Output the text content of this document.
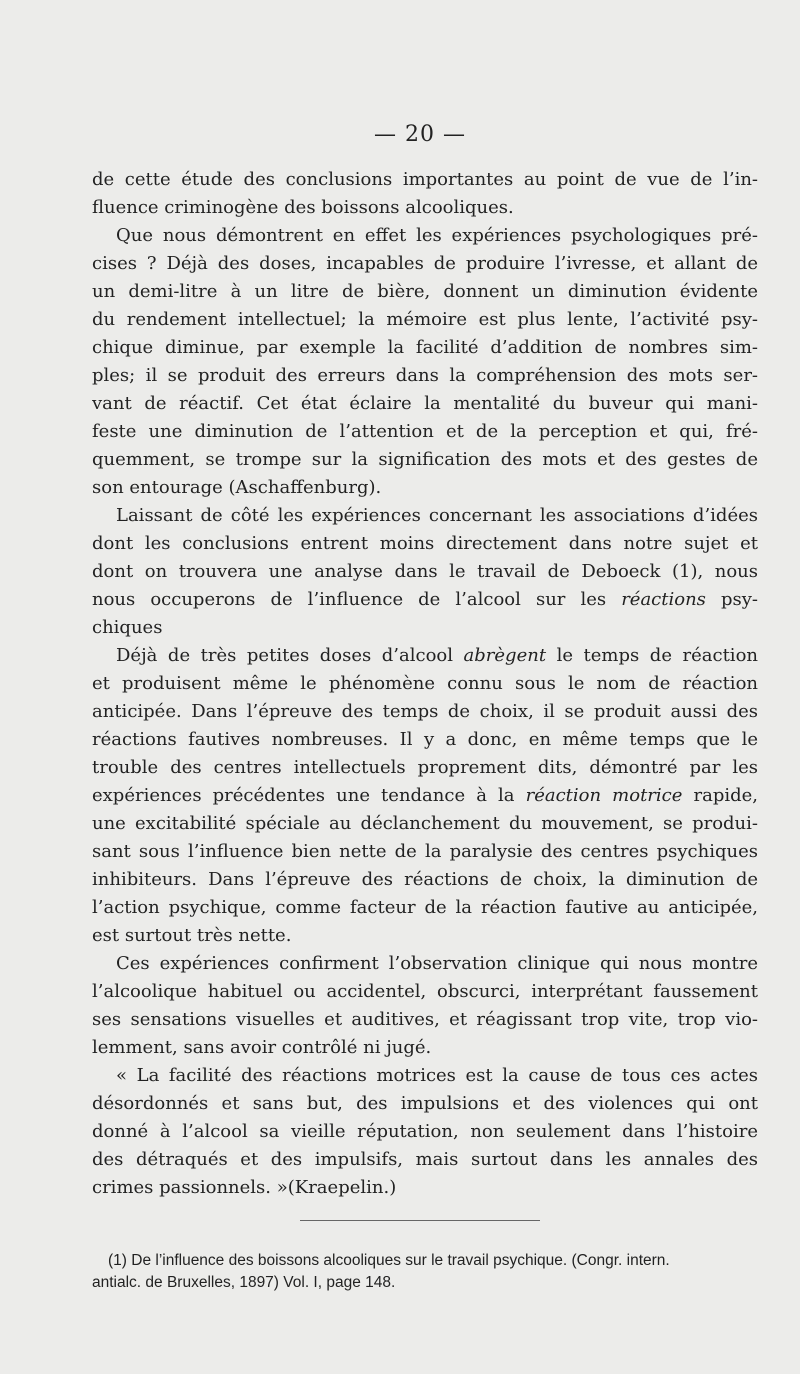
— 20 —
de cette étude des conclusions importantes au point de vue de l’in-
fluence criminogène des boissons alcooliques.
Que nous démontrent en effet les expériences psychologiques pré-
cises ? Déjà des doses, incapables de produire l’ivresse, et allant de
un demi-litre à un litre de bière, donnent un diminution évidente
du rendement intellectuel; la mémoire est plus lente, l’activité psy-
chique diminue, par exemple la facilité d’addition de nombres sim-
ples; il se produit des erreurs dans la compréhension des mots ser-
vant de réactif. Cet état éclaire la mentalité du buveur qui mani-
feste une diminution de l’attention et de la perception et qui, fré-
quemment, se trompe sur la signification des mots et des gestes de
son entourage (Aschaffenburg).
Laissant de côté les expériences concernant les associations d’idées
dont les conclusions entrent moins directement dans notre sujet et
dont on trouvera une analyse dans le travail de Deboeck (1), nous
nous occuperons de l’influence de l’alcool sur les réactions psy-
chiques
Déjà de très petites doses d’alcool abrègent le temps de réaction
et produisent même le phénomène connu sous le nom de réaction
anticipée. Dans l’épreuve des temps de choix, il se produit aussi des
réactions fautives nombreuses. Il y a donc, en même temps que le
trouble des centres intellectuels proprement dits, démontré par les
expériences précédentes une tendance à la réaction motrice rapide,
une excitabilité spéciale au déclanchement du mouvement, se produi-
sant sous l’influence bien nette de la paralysie des centres psychiques
inhibiteurs. Dans l’épreuve des réactions de choix, la diminution de
l’action psychique, comme facteur de la réaction fautive au anticipée,
est surtout très nette.
Ces expériences confirment l’observation clinique qui nous montre
l’alcoolique habituel ou accidentel, obscurci, interprétant faussement
ses sensations visuelles et auditives, et réagissant trop vite, trop vio-
lemment, sans avoir contrôlé ni jugé.
« La facilité des réactions motrices est la cause de tous ces actes
désordonnés et sans but, des impulsions et des violences qui ont
donné à l’alcool sa vieille réputation, non seulement dans l’histoire
des détraqués et des impulsifs, mais surtout dans les annales des
crimes passionnels. »(Kraepelin.)
(1) De l’influence des boissons alcooliques sur le travail psychique. (Congr. intern.
antialc. de Bruxelles, 1897) Vol. I, page 148.
